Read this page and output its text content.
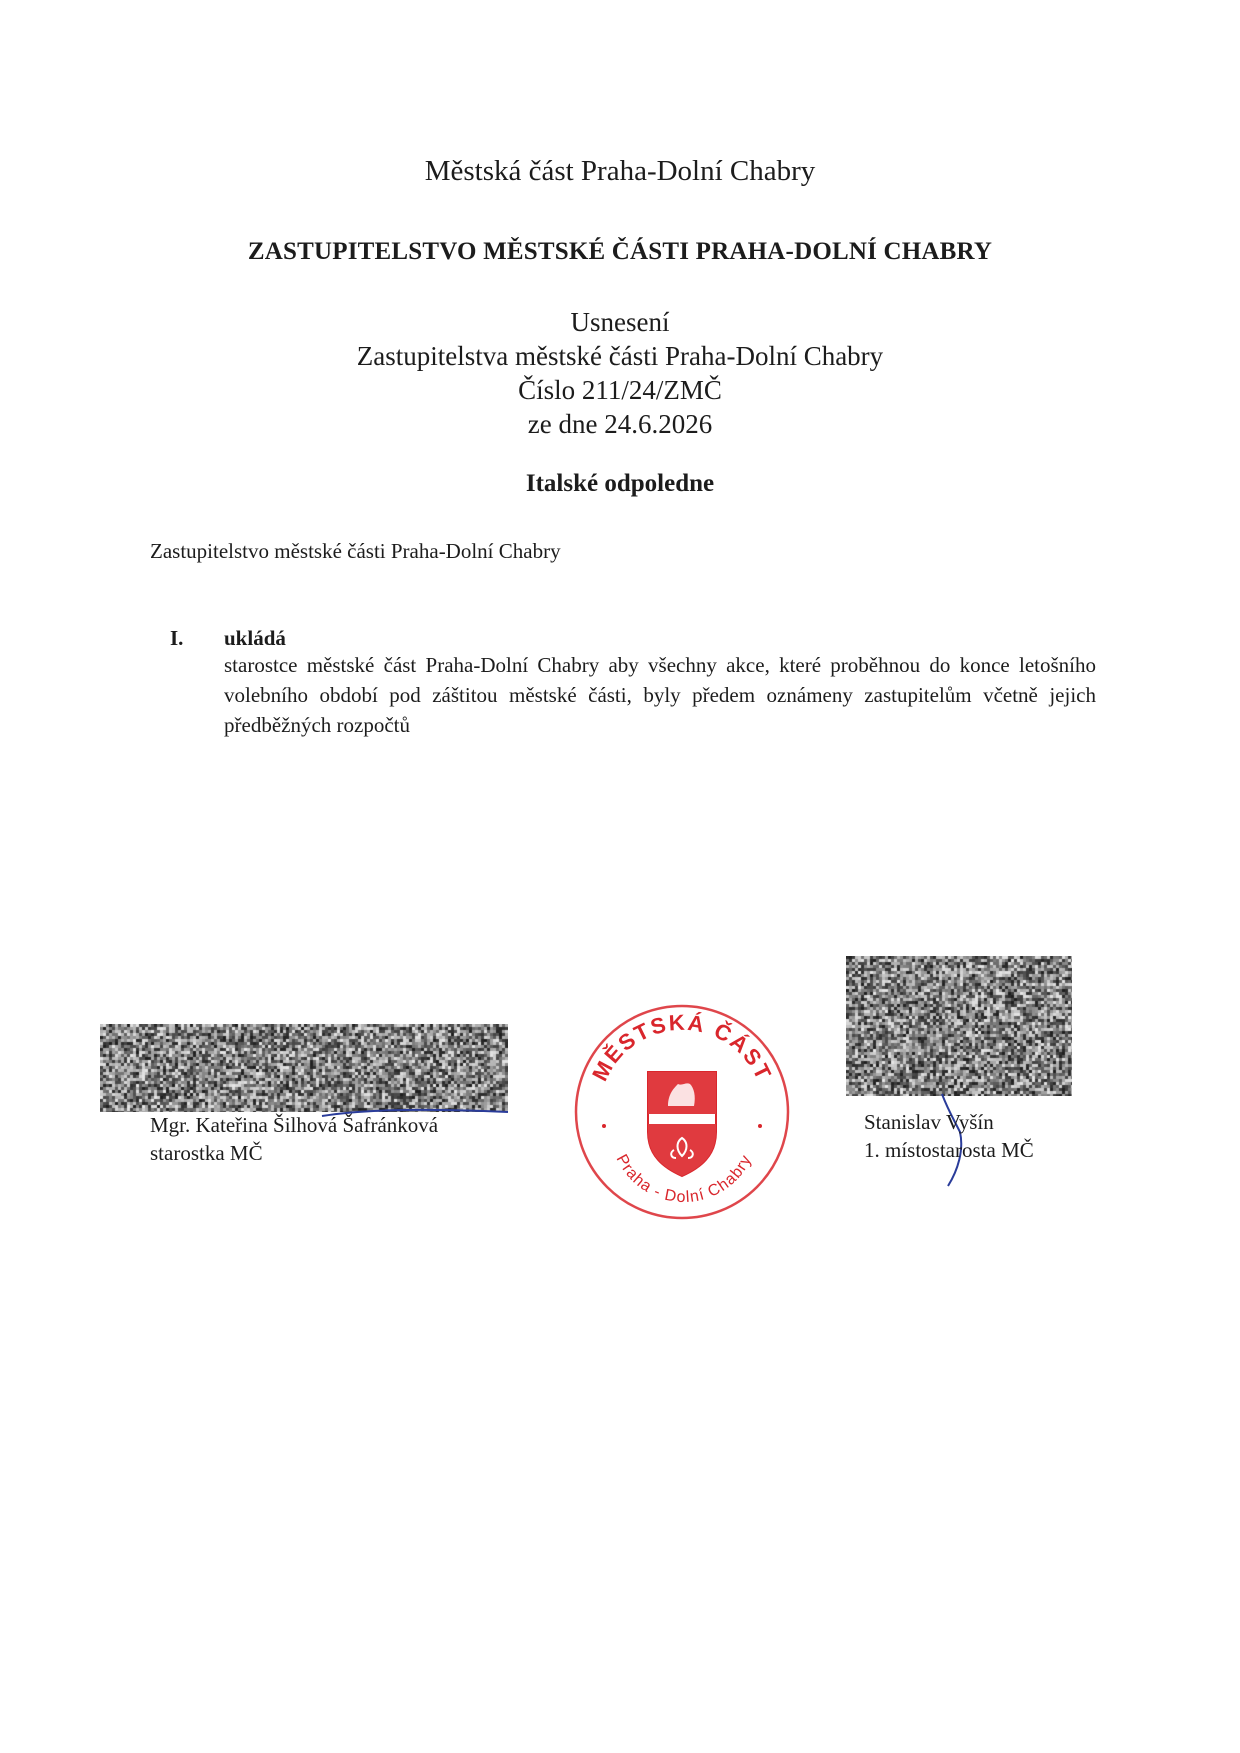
Městská část Praha-Dolní Chabry
ZASTUPITELSTVO MĚSTSKÉ ČÁSTI PRAHA-DOLNÍ CHABRY
Usnesení
Zastupitelstva městské části Praha-Dolní Chabry
Číslo 211/24/ZMČ
ze dne 24.6.2026
Italské odpoledne
Zastupitelstvo městské části Praha-Dolní Chabry
I. ukládá
starostce městské část Praha-Dolní Chabry aby všechny akce, které proběhnou do konce letošního volebního období pod záštitou městské části, byly předem oznámeny zastupitelům včetně jejich předběžných rozpočtů
Mgr. Kateřina Šilhová Šafránková
starostka MČ
Stanislav Vyšín
1. místostarosta MČ
MĚSTSKÁ ČÁST
Praha - Dolní Chabry
